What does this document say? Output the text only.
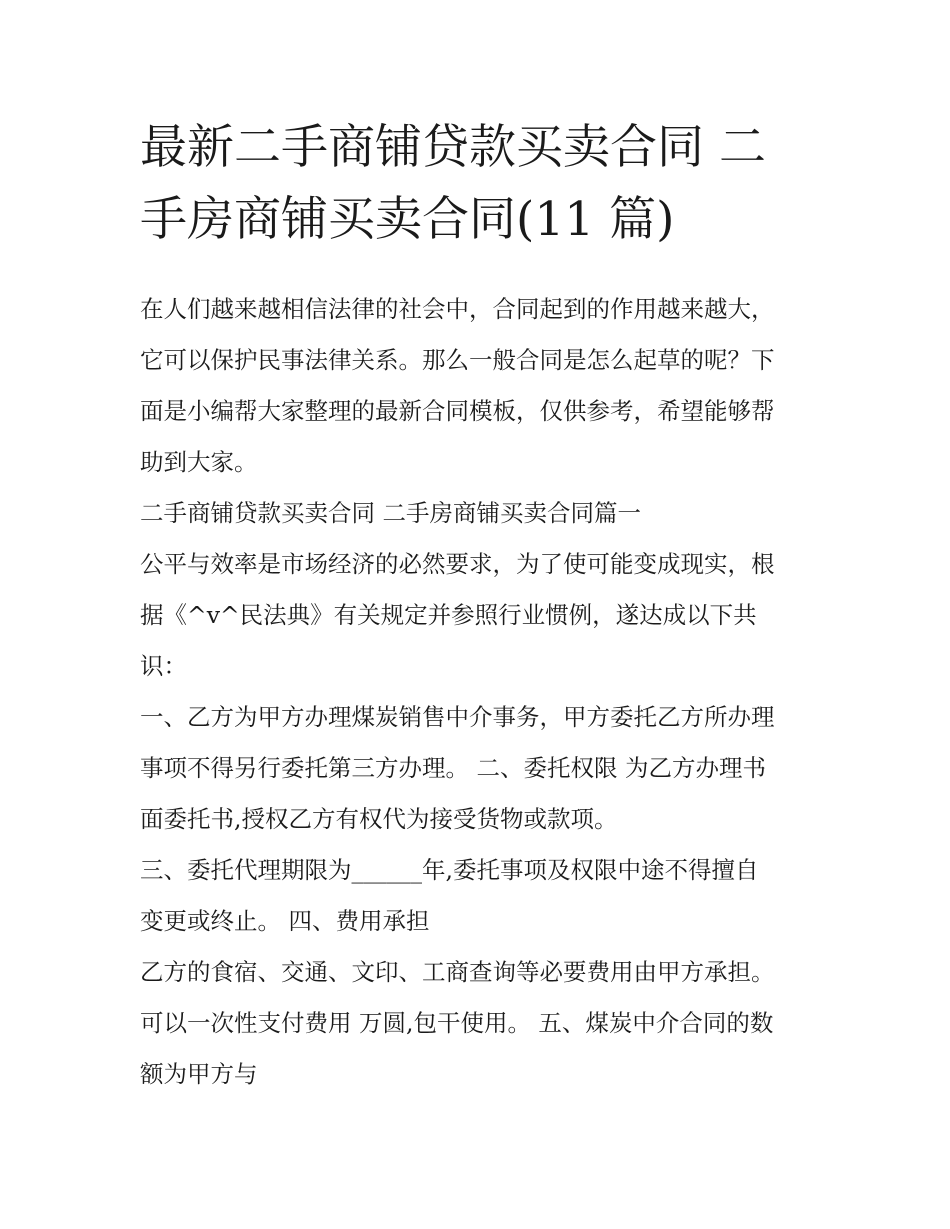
最新二手商铺贷款买卖合同 二
手房商铺买卖合同(11 篇)

在人们越来越相信法律的社会中，合同起到的作用越来越大，
它可以保护民事法律关系。那么一般合同是怎么起草的呢？下
面是小编帮大家整理的最新合同模板，仅供参考，希望能够帮
助到大家。

二手商铺贷款买卖合同 二手房商铺买卖合同篇一

公平与效率是市场经济的必然要求，为了使可能变成现实，根
据《^v^民法典》有关规定并参照行业惯例，遂达成以下共
识：

一、乙方为甲方办理煤炭销售中介事务，甲方委托乙方所办理
事项不得另行委托第三方办理。 二、委托权限 为乙方办理书
面委托书,授权乙方有权代为接受货物或款项。

三、委托代理期限为______年,委托事项及权限中途不得擅自
变更或终止。 四、费用承担

乙方的食宿、交通、文印、工商查询等必要费用由甲方承担。
可以一次性支付费用 万圆,包干使用。 五、煤炭中介合同的数
额为甲方与
